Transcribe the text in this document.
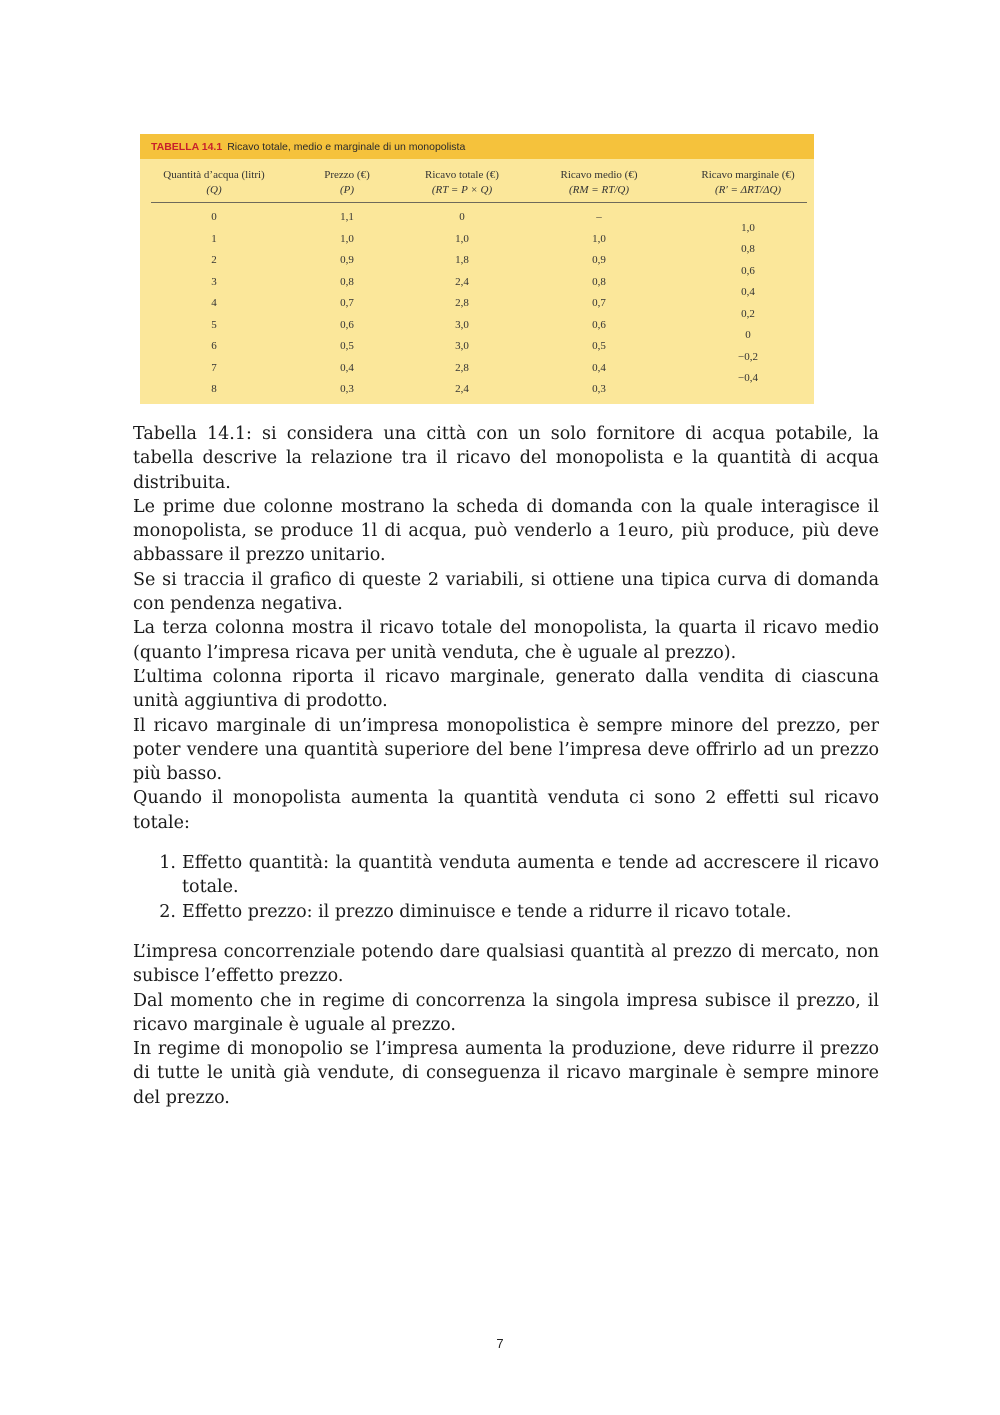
TABELLA 14.1 Ricavo totale, medio e marginale di un monopolista
Quantità d’acqua (litri)
(Q)
Prezzo (€)
(P)
Ricavo totale (€)
(RT = P × Q)
Ricavo medio (€)
(RM = RT/Q)
Ricavo marginale (€)
(R′ = ΔRT/ΔQ)
0
1
2
3
4
5
6
7
8
1,1
1,0
0,9
0,8
0,7
0,6
0,5
0,4
0,3
0
1,0
1,8
2,4
2,8
3,0
3,0
2,8
2,4
–
1,0
0,9
0,8
0,7
0,6
0,5
0,4
0,3
1,0
0,8
0,6
0,4
0,2
0
−0,2
−0,4

Tabella 14.1: si considera una città con un solo fornitore di acqua potabile, la tabella descrive la relazione tra il ricavo del monopolista e la quantità di acqua distribuita.

Le prime due colonne mostrano la scheda di domanda con la quale interagisce il monopolista, se produce 1l di acqua, può venderlo a 1euro, più produce, più deve abbassare il prezzo unitario.

Se si traccia il grafico di queste 2 variabili, si ottiene una tipica curva di domanda con pendenza negativa.

La terza colonna mostra il ricavo totale del monopolista, la quarta il ricavo medio (quanto l’impresa ricava per unità venduta, che è uguale al prezzo).

L’ultima colonna riporta il ricavo marginale, generato dalla vendita di ciascuna unità aggiuntiva di prodotto.

Il ricavo marginale di un’impresa monopolistica è sempre minore del prezzo, per poter vendere una quantità superiore del bene l’impresa deve offrirlo ad un prezzo più basso.

Quando il monopolista aumenta la quantità venduta ci sono 2 effetti sul ricavo totale:

1. Effetto quantità: la quantità venduta aumenta e tende ad accrescere il ricavo totale.
2. Effetto prezzo: il prezzo diminuisce e tende a ridurre il ricavo totale.

L’impresa concorrenziale potendo dare qualsiasi quantità al prezzo di mercato, non subisce l’effetto prezzo.

Dal momento che in regime di concorrenza la singola impresa subisce il prezzo, il ricavo marginale è uguale al prezzo.

In regime di monopolio se l’impresa aumenta la produzione, deve ridurre il prezzo di tutte le unità già vendute, di conseguenza il ricavo marginale è sempre minore del prezzo.

7
